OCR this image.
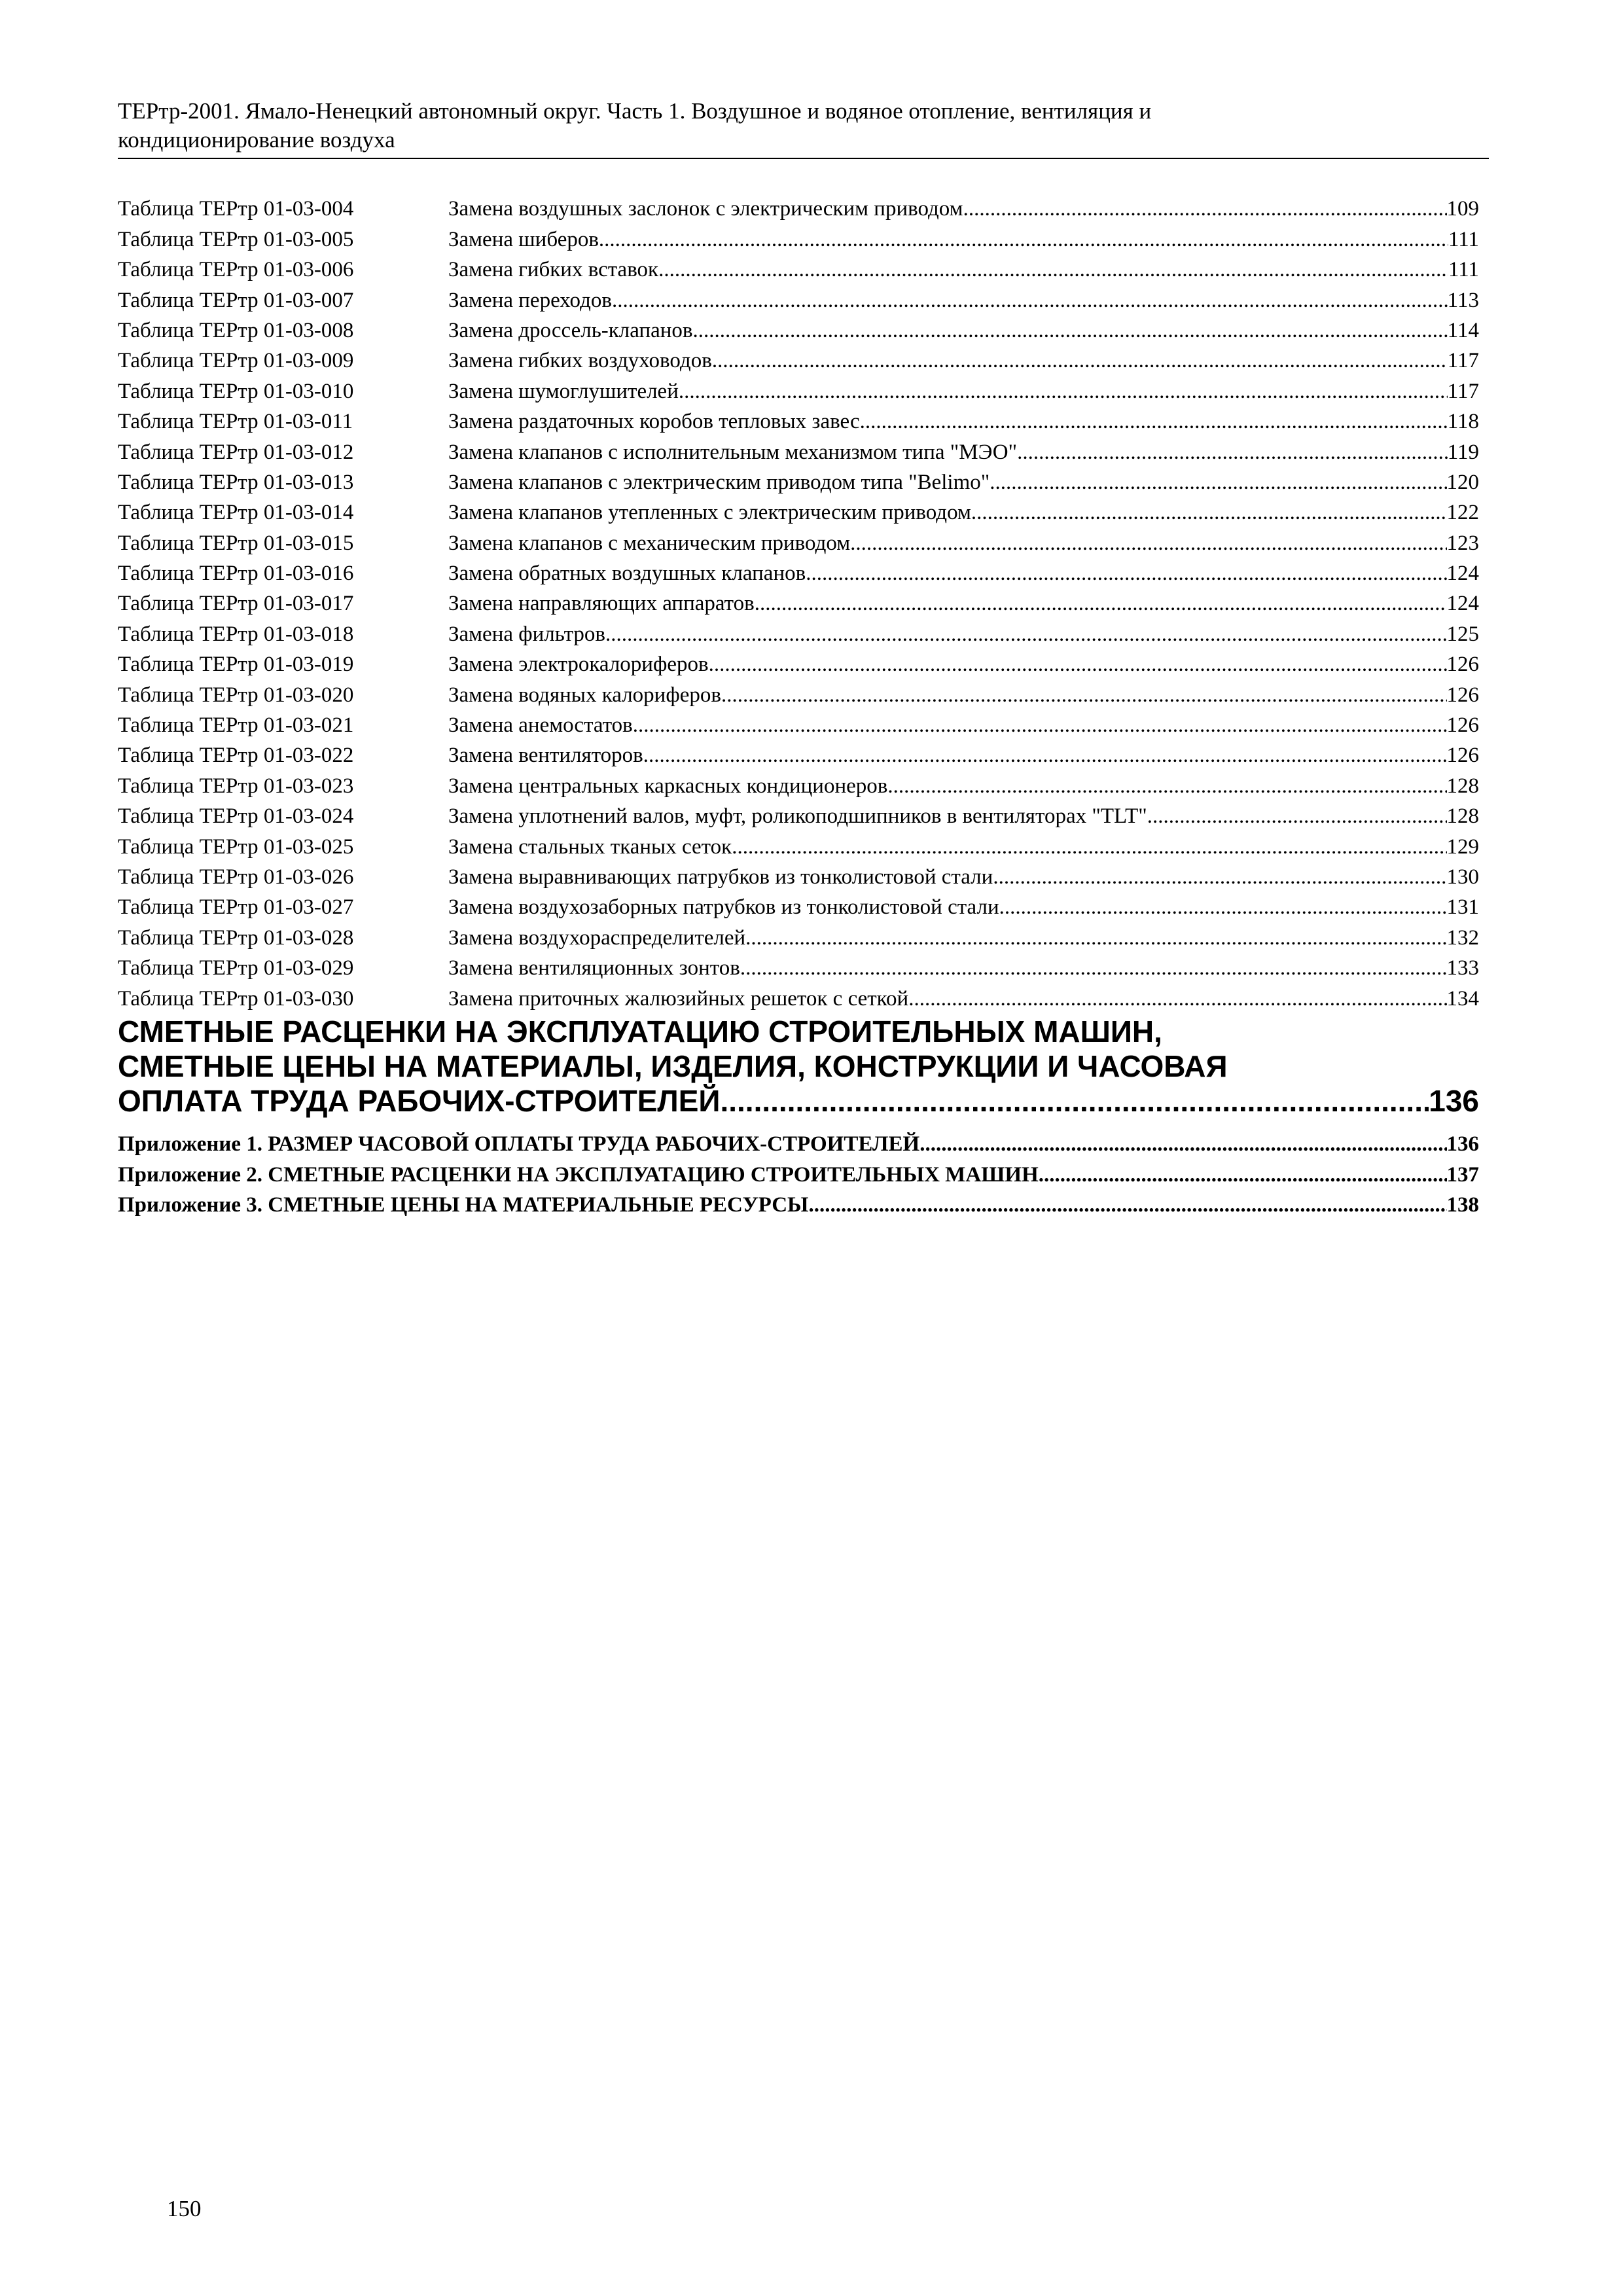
ТЕРтр-2001. Ямало-Ненецкий автономный округ. Часть 1. Воздушное и водяное отопление, вентиляция и
кондиционирование воздуха
Таблица ТЕРтр 01-03-004	Замена воздушных заслонок с электрическим приводом .....	109
Таблица ТЕРтр 01-03-005	Замена шиберов .....	111
Таблица ТЕРтр 01-03-006	Замена гибких вставок .....	111
Таблица ТЕРтр 01-03-007	Замена переходов .....	113
Таблица ТЕРтр 01-03-008	Замена дроссель-клапанов .....	114
Таблица ТЕРтр 01-03-009	Замена гибких воздуховодов .....	117
Таблица ТЕРтр 01-03-010	Замена шумоглушителей .....	117
Таблица ТЕРтр 01-03-011	Замена раздаточных коробов тепловых завес .....	118
Таблица ТЕРтр 01-03-012	Замена клапанов с исполнительным механизмом типа "МЭО" .....	119
Таблица ТЕРтр 01-03-013	Замена клапанов с электрическим приводом типа "Belimo" .....	120
Таблица ТЕРтр 01-03-014	Замена клапанов утепленных с электрическим приводом .....	122
Таблица ТЕРтр 01-03-015	Замена клапанов с механическим приводом .....	123
Таблица ТЕРтр 01-03-016	Замена обратных воздушных клапанов .....	124
Таблица ТЕРтр 01-03-017	Замена направляющих аппаратов .....	124
Таблица ТЕРтр 01-03-018	Замена фильтров .....	125
Таблица ТЕРтр 01-03-019	Замена электрокалориферов .....	126
Таблица ТЕРтр 01-03-020	Замена водяных калориферов .....	126
Таблица ТЕРтр 01-03-021	Замена анемостатов .....	126
Таблица ТЕРтр 01-03-022	Замена вентиляторов .....	126
Таблица ТЕРтр 01-03-023	Замена центральных каркасных кондиционеров .....	128
Таблица ТЕРтр 01-03-024	Замена уплотнений валов, муфт, роликоподшипников в вентиляторах "TLT" .....	128
Таблица ТЕРтр 01-03-025	Замена стальных тканых сеток .....	129
Таблица ТЕРтр 01-03-026	Замена выравнивающих патрубков из тонколистовой стали .....	130
Таблица ТЕРтр 01-03-027	Замена воздухозаборных патрубков из тонколистовой стали .....	131
Таблица ТЕРтр 01-03-028	Замена воздухораспределителей .....	132
Таблица ТЕРтр 01-03-029	Замена вентиляционных зонтов .....	133
Таблица ТЕРтр 01-03-030	Замена приточных жалюзийных решеток с сеткой .....	134
СМЕТНЫЕ РАСЦЕНКИ НА ЭКСПЛУАТАЦИЮ СТРОИТЕЛЬНЫХ МАШИН,
СМЕТНЫЕ ЦЕНЫ НА МАТЕРИАЛЫ, ИЗДЕЛИЯ, КОНСТРУКЦИИ И ЧАСОВАЯ
ОПЛАТА ТРУДА РАБОЧИХ-СТРОИТЕЛЕЙ .....	136
Приложение 1. РАЗМЕР ЧАСОВОЙ ОПЛАТЫ ТРУДА РАБОЧИХ-СТРОИТЕЛЕЙ .....	136
Приложение 2. СМЕТНЫЕ РАСЦЕНКИ НА ЭКСПЛУАТАЦИЮ СТРОИТЕЛЬНЫХ МАШИН .....	137
Приложение 3. СМЕТНЫЕ ЦЕНЫ НА МАТЕРИАЛЬНЫЕ РЕСУРСЫ .....	138
150
